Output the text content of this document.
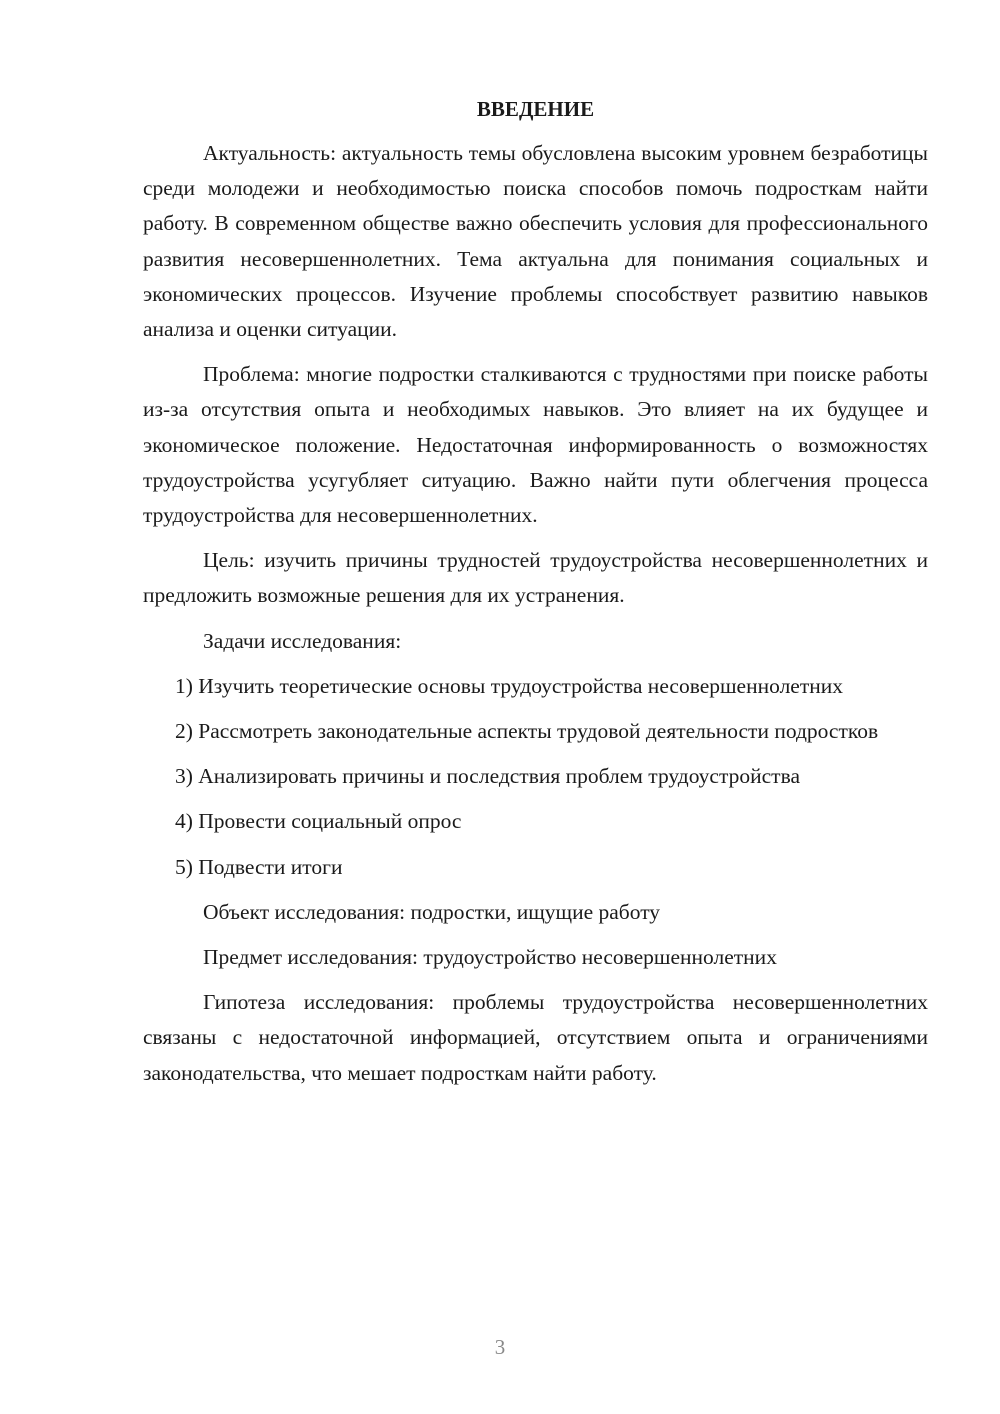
ВВЕДЕНИЕ

Актуальность: актуальность темы обусловлена высоким уровнем безработицы среди молодежи и необходимостью поиска способов помочь подросткам найти работу. В современном обществе важно обеспечить условия для профессионального развития несовершеннолетних. Тема актуальна для понимания социальных и экономических процессов. Изучение проблемы способствует развитию навыков анализа и оценки ситуации.

Проблема: многие подростки сталкиваются с трудностями при поиске работы из-за отсутствия опыта и необходимых навыков. Это влияет на их будущее и экономическое положение. Недостаточная информированность о возможностях трудоустройства усугубляет ситуацию. Важно найти пути облегчения процесса трудоустройства для несовершеннолетних.

Цель: изучить причины трудностей трудоустройства несовершеннолетних и предложить возможные решения для их устранения.

Задачи исследования:

1) Изучить теоретические основы трудоустройства несовершеннолетних

2) Рассмотреть законодательные аспекты трудовой деятельности подростков

3) Анализировать причины и последствия проблем трудоустройства

4) Провести социальный опрос

5) Подвести итоги

Объект исследования: подростки, ищущие работу

Предмет исследования: трудоустройство несовершеннолетних

Гипотеза исследования: проблемы трудоустройства несовершеннолетних связаны с недостаточной информацией, отсутствием опыта и ограничениями законодательства, что мешает подросткам найти работу.

3
